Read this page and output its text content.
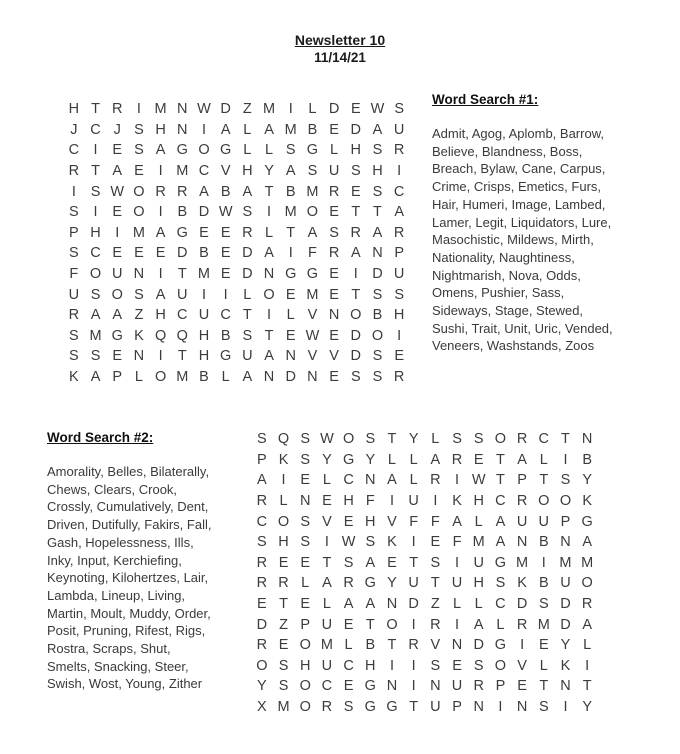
Newsletter 10
11/14/21
H T R I M N W D Z M I	L D E W S
J C J S H N I	A L A M B E D A U
C I	E S A G O G L L S G L H S R
R T A E	I M C V H Y A S U S H I
I	S W O R R A B A T B M R E S C
S	I	E O I	B D W S	I M O E T T A
P H I M A G E E R L T A S R A R
S C E E E D B E D A	I	F R A N P
F O U N I	T M E D N G G E	I D U
U S O S A U I	I	L O E M E T S S
R A A Z H C U C T	I	L V N O B H
S M G K Q Q H B S T E W E D O I
S S E N I	T H G U A N V V D S E
K A P L O M B L A N D N E S S R
Word Search #1:
Admit, Agog, Aplomb, Barrow,
Believe, Blandness, Boss,
Breach, Bylaw, Cane, Carpus,
Crime, Crisps, Emetics, Furs,
Hair, Humeri, Image, Lambed,
Lamer, Legit, Liquidators, Lure,
Masochistic, Mildews, Mirth,
Nationality, Naughtiness,
Nightmarish, Nova, Odds,
Omens, Pushier, Sass,
Sideways, Stage, Stewed,
Sushi, Trait, Unit, Uric, Vended,
Veneers, Washstands, Zoos
Word Search #2:
Amorality, Belles, Bilaterally,
Chews, Clears, Crook,
Crossly, Cumulatively, Dent,
Driven, Dutifully, Fakirs, Fall,
Gash, Hopelessness, Ills,
Inky, Input, Kerchiefing,
Keynoting, Kilohertzes, Lair,
Lambda, Lineup, Living,
Martin, Moult, Muddy, Order,
Posit, Pruning, Rifest, Rigs,
Rostra, Scraps, Shut,
Smelts, Snacking, Steer,
Swish, Wost, Young, Zither
S Q S W O S T Y L S S O R C T N
P K S Y G Y L L A R E T A L	I	B
A	I	E L C N A L R I W T P T S Y
R L N E H F	I U I	K H C R O O K
C O S V E H V F F A L A U U P G
S H S	I W S K	I	E F M A N B N A
R E E T S A E T S	I U G M I M M
R R L A R G Y U T U H S K B U O
E T E L A A N D Z L L C D S D R
D Z P U E T O I R I	A L R M D A
R E O M L B T R V N D G I	E Y L
O S H U C H I	I	S E S O V L K	I
Y S O C E G N I N U R P E T N T
X M O R S G G T U P N I N S	I	Y
